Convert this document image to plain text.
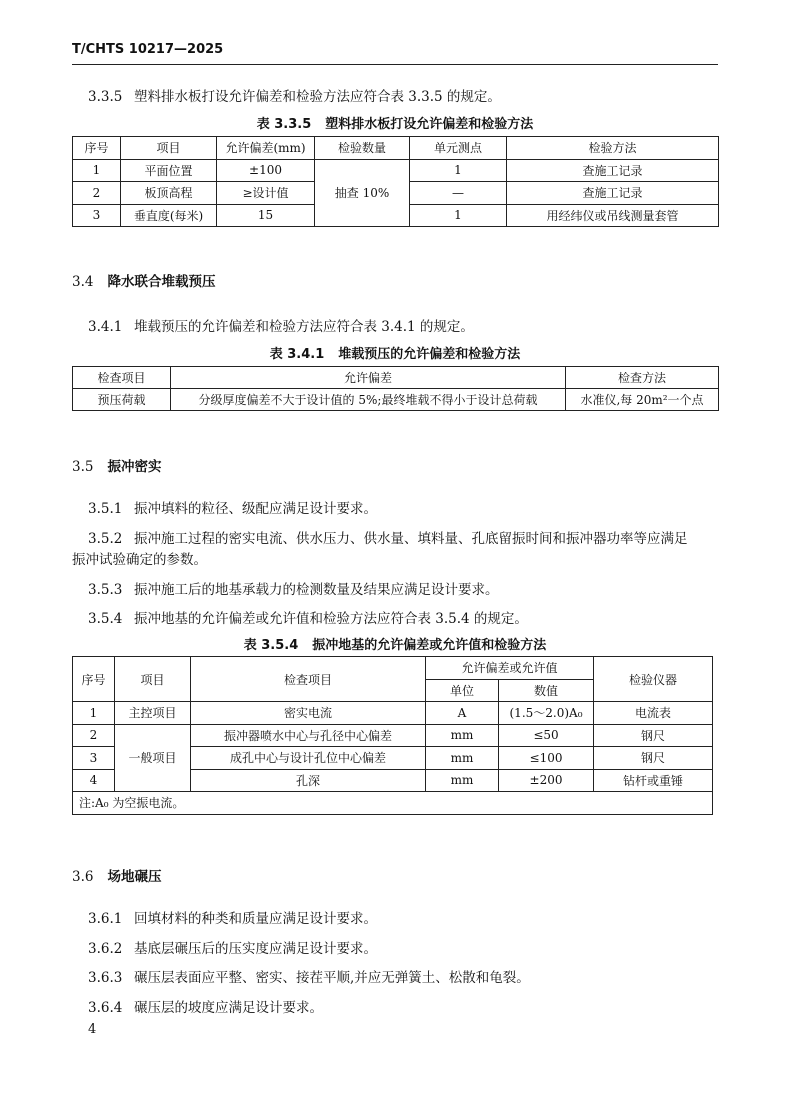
T/CHTS 10217—2025
3.3.5 塑料排水板打设允许偏差和检验方法应符合表 3.3.5 的规定。
表 3.3.5 塑料排水板打设允许偏差和检验方法
序号	项目	允许偏差(mm)	检验数量	单元测点	检验方法
1	平面位置	±100	抽查 10%	1	查施工记录
2	板顶高程	≥设计值		—	查施工记录
3	垂直度(每米)	15		1	用经纬仪或吊线测量套管
3.4 降水联合堆载预压
3.4.1 堆载预压的允许偏差和检验方法应符合表 3.4.1 的规定。
表 3.4.1 堆载预压的允许偏差和检验方法
检查项目	允许偏差	检查方法
预压荷载	分级厚度偏差不大于设计值的 5%;最终堆载不得小于设计总荷载	水准仪,每 20m²一个点
3.5 振冲密实
3.5.1 振冲填料的粒径、级配应满足设计要求。
3.5.2 振冲施工过程的密实电流、供水压力、供水量、填料量、孔底留振时间和振冲器功率等应满足
振冲试验确定的参数。
3.5.3 振冲施工后的地基承载力的检测数量及结果应满足设计要求。
3.5.4 振冲地基的允许偏差或允许值和检验方法应符合表 3.5.4 的规定。
表 3.5.4 振冲地基的允许偏差或允许值和检验方法
序号	项目	检查项目	允许偏差或允许值		检验仪器
			单位	数值	
1	主控项目	密实电流	A	(1.5～2.0)A₀	电流表
2	一般项目	振冲器喷水中心与孔径中心偏差	mm	≤50	钢尺
3		成孔中心与设计孔位中心偏差	mm	≤100	钢尺
4		孔深	mm	±200	钻杆或重锤
注:A₀ 为空振电流。					
3.6 场地碾压
3.6.1 回填材料的种类和质量应满足设计要求。
3.6.2 基底层碾压后的压实度应满足设计要求。
3.6.3 碾压层表面应平整、密实、接茬平顺,并应无弹簧土、松散和龟裂。
3.6.4 碾压层的坡度应满足设计要求。
4
